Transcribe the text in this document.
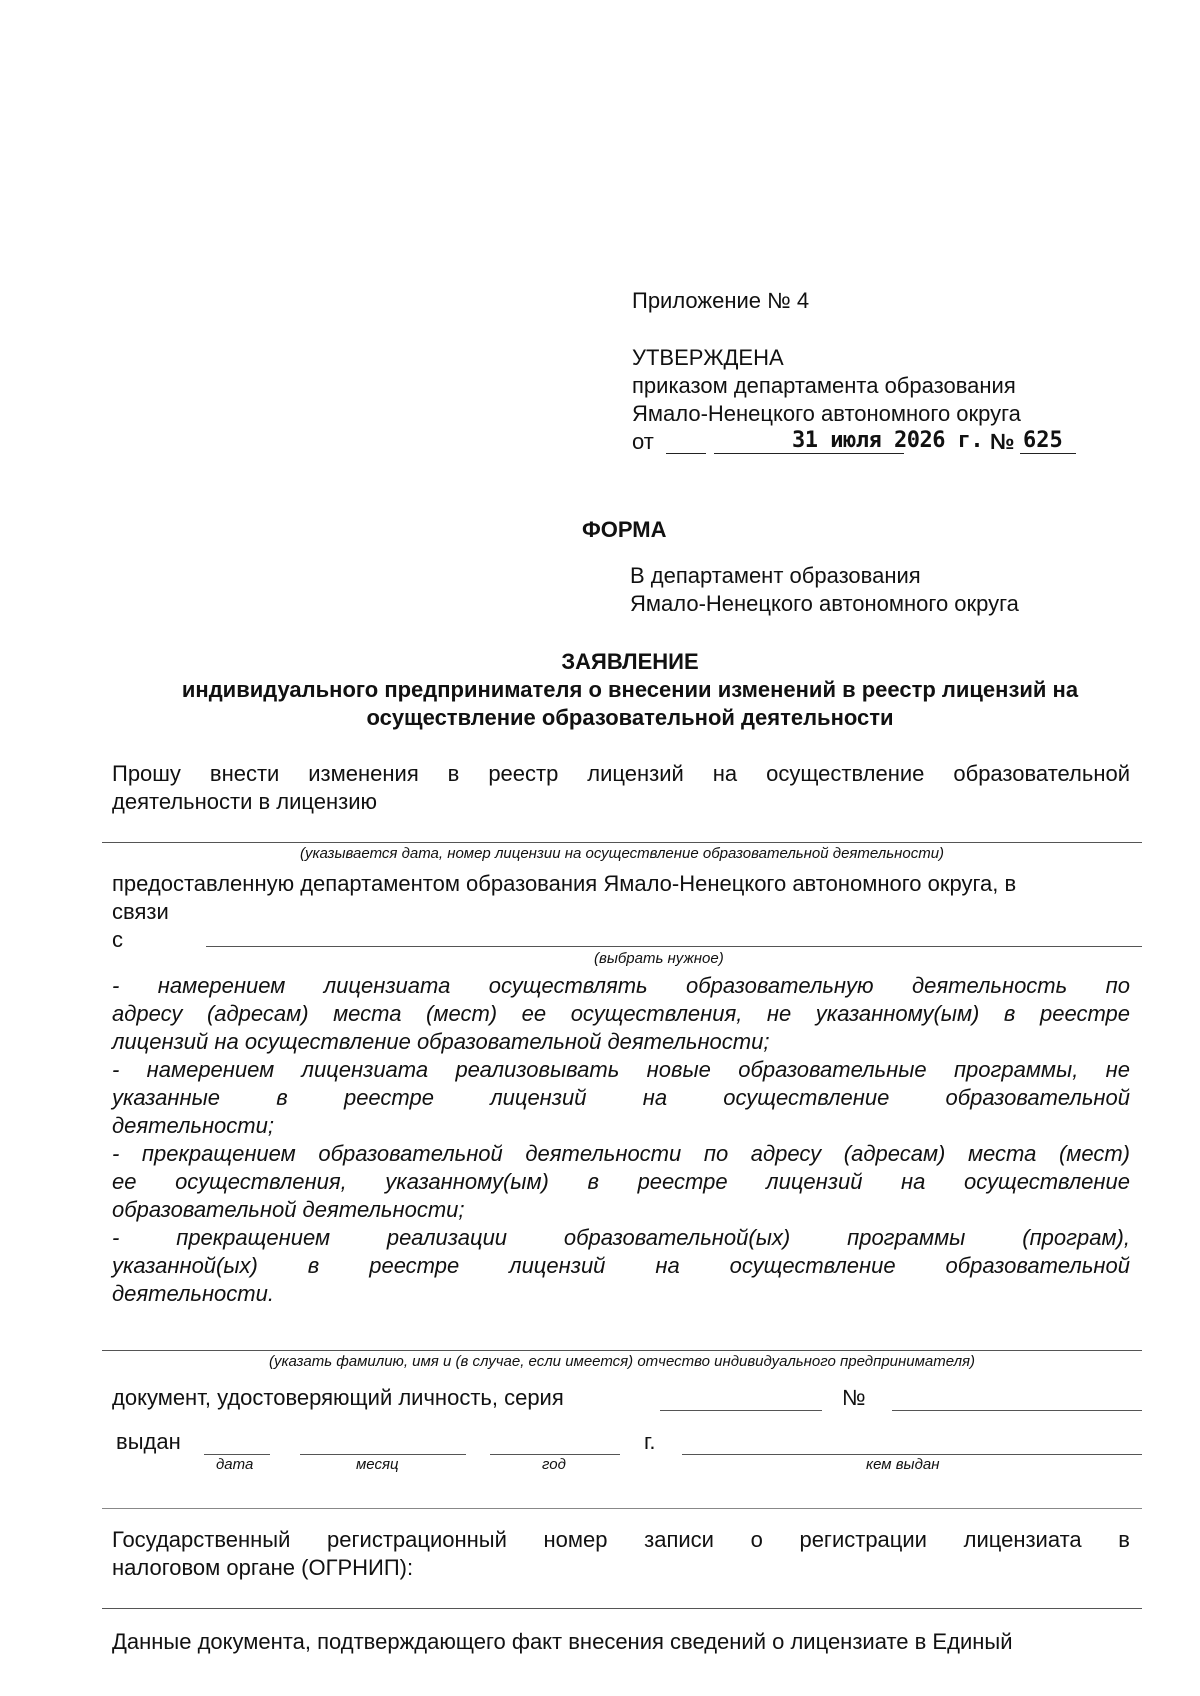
Приложение № 4
УТВЕРЖДЕНА
приказом департамента образования
Ямало-Ненецкого автономного округа
от	31 июля 2026 г. № 625
ФОРМА
В департамент образования
Ямало-Ненецкого автономного округа
ЗАЯВЛЕНИЕ
индивидуального предпринимателя о внесении изменений в реестр лицензий на
осуществление образовательной деятельности
Прошу внести изменения в реестр лицензий на осуществление образовательной
деятельности в лицензию
(указывается дата, номер лицензии на осуществление образовательной деятельности)
предоставленную департаментом образования Ямало-Ненецкого автономного округа, в
связи
с
(выбрать нужное)
- намерением лицензиата осуществлять образовательную деятельность по
адресу (адресам) места (мест) ее осуществления, не указанному(ым) в реестре
лицензий на осуществление образовательной деятельности;
- намерением лицензиата реализовывать новые образовательные программы, не
указанные в реестре лицензий на осуществление образовательной
деятельности;
- прекращением образовательной деятельности по адресу (адресам) места (мест)
ее осуществления, указанному(ым) в реестре лицензий на осуществление
образовательной деятельности;
- прекращением реализации образовательной(ых) программы (програм),
указанной(ых) в реестре лицензий на осуществление образовательной
деятельности.
(указать фамилию, имя и (в случае, если имеется) отчество индивидуального предпринимателя)
документ, удостоверяющий личность, серия	№
выдан	г.
дата	месяц	год	кем выдан
Государственный регистрационный номер записи о регистрации лицензиата в
налоговом органе (ОГРНИП):
Данные документа, подтверждающего факт внесения сведений о лицензиате в Единый
